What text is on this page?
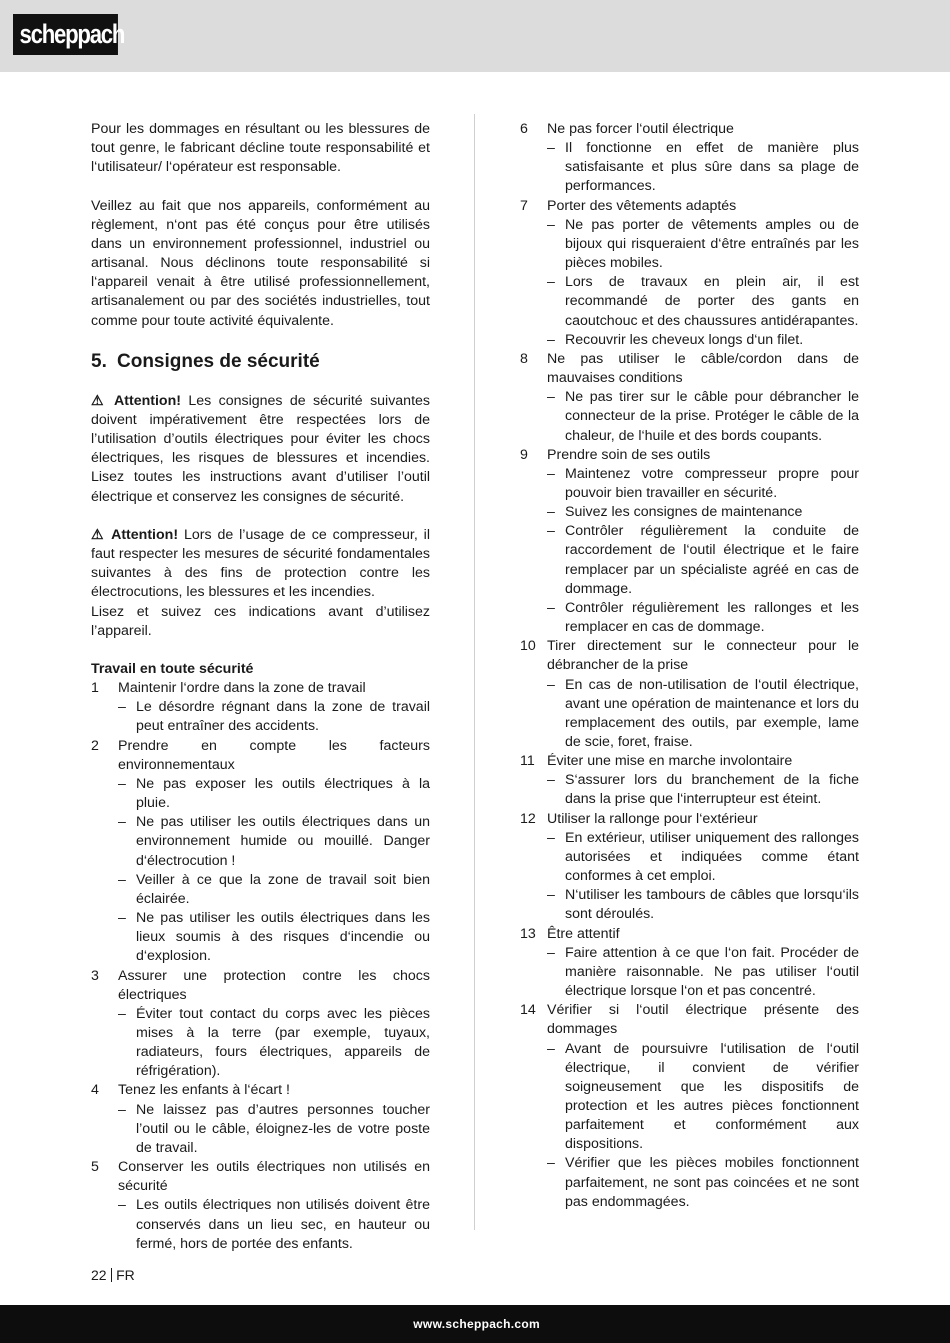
scheppach

Pour les dommages en résultant ou les blessures de tout genre, le fabricant décline toute responsabilité et l‘utilisateur/ l‘opérateur est responsable.

Veillez au fait que nos appareils, conformément au règlement, n‘ont pas été conçus pour être utilisés dans un environnement professionnel, industriel ou artisanal. Nous déclinons toute responsabilité si l‘appareil venait à être utilisé professionnellement, artisanalement ou par des sociétés industrielles, tout comme pour toute activité équivalente.

5. Consignes de sécurité

⚠ Attention! Les consignes de sécurité suivantes doivent impérativement être respectées lors de l’utilisation d’outils électriques pour éviter les chocs électriques, les risques de blessures et incendies. Lisez toutes les instructions avant d’utiliser l’outil électrique et conservez les consignes de sécurité.

⚠ Attention! Lors de l’usage de ce compresseur, il faut respecter les mesures de sécurité fondamentales suivantes à des fins de protection contre les électrocutions, les blessures et les incendies.

Lisez et suivez ces indications avant d’utilisez l’appareil.

Travail en toute sécurité

1 Maintenir l‘ordre dans la zone de travail
– Le désordre régnant dans la zone de travail peut entraîner des accidents.
2 Prendre en compte les facteurs environnementaux
– Ne pas exposer les outils électriques à la pluie.
– Ne pas utiliser les outils électriques dans un environnement humide ou mouillé. Danger d‘électrocution !
– Veiller à ce que la zone de travail soit bien éclairée.
– Ne pas utiliser les outils électriques dans les lieux soumis à des risques d‘incendie ou d‘explosion.
3 Assurer une protection contre les chocs électriques
– Éviter tout contact du corps avec les pièces mises à la terre (par exemple, tuyaux, radiateurs, fours électriques, appareils de réfrigération).
4 Tenez les enfants à l‘écart !
– Ne laissez pas d’autres personnes toucher l’outil ou le câble, éloignez-les de votre poste de travail.
5 Conserver les outils électriques non utilisés en sécurité
– Les outils électriques non utilisés doivent être conservés dans un lieu sec, en hauteur ou fermé, hors de portée des enfants.
6 Ne pas forcer l‘outil électrique
– Il fonctionne en effet de manière plus satisfaisante et plus sûre dans sa plage de performances.
7 Porter des vêtements adaptés
– Ne pas porter de vêtements amples ou de bijoux qui risqueraient d‘être entraînés par les pièces mobiles.
– Lors de travaux en plein air, il est recommandé de porter des gants en caoutchouc et des chaussures antidérapantes.
– Recouvrir les cheveux longs d‘un filet.
8 Ne pas utiliser le câble/cordon dans de mauvaises conditions
– Ne pas tirer sur le câble pour débrancher le connecteur de la prise. Protéger le câble de la chaleur, de l‘huile et des bords coupants.
9 Prendre soin de ses outils
– Maintenez votre compresseur propre pour pouvoir bien travailler en sécurité.
– Suivez les consignes de maintenance
– Contrôler régulièrement la conduite de raccordement de l‘outil électrique et le faire remplacer par un spécialiste agréé en cas de dommage.
– Contrôler régulièrement les rallonges et les remplacer en cas de dommage.
10 Tirer directement sur le connecteur pour le débrancher de la prise
– En cas de non-utilisation de l‘outil électrique, avant une opération de maintenance et lors du remplacement des outils, par exemple, lame de scie, foret, fraise.
11 Éviter une mise en marche involontaire
– S‘assurer lors du branchement de la fiche dans la prise que l‘interrupteur est éteint.
12 Utiliser la rallonge pour l‘extérieur
– En extérieur, utiliser uniquement des rallonges autorisées et indiquées comme étant conformes à cet emploi.
– N‘utiliser les tambours de câbles que lorsqu‘ils sont déroulés.
13 Être attentif
– Faire attention à ce que l‘on fait. Procéder de manière raisonnable. Ne pas utiliser l‘outil électrique lorsque l‘on et pas concentré.
14 Vérifier si l‘outil électrique présente des dommages
– Avant de poursuivre l‘utilisation de l‘outil électrique, il convient de vérifier soigneusement que les dispositifs de protection et les autres pièces fonctionnent parfaitement et conformément aux dispositions.
– Vérifier que les pièces mobiles fonctionnent parfaitement, ne sont pas coincées et ne sont pas endommagées.
22 FR
www.scheppach.com
